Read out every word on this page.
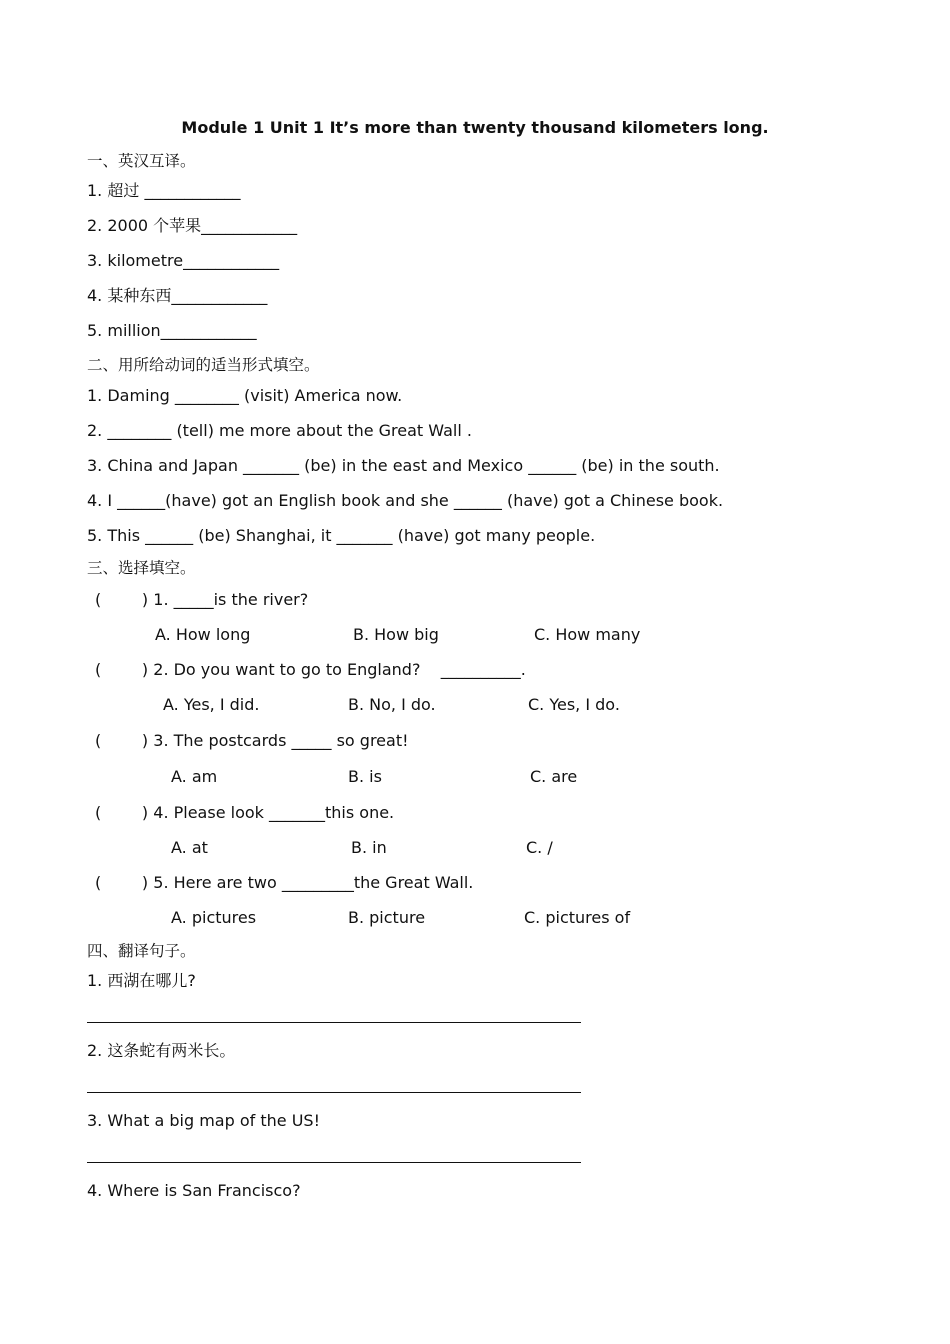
Module 1 Unit 1 It’s more than twenty thousand kilometers long.
一、英汉互译。
1. 超过 ____________
2. 2000 个苹果____________
3. kilometre____________
4. 某种东西____________
5. million____________
二、用所给动词的适当形式填空。
1. Daming ________ (visit) America now.
2. ________ (tell) me more about the Great Wall .
3. China and Japan _______ (be) in the east and Mexico ______ (be) in the south.
4. I ______(have) got an English book and she ______ (have) got a Chinese book.
5. This ______ (be) Shanghai, it _______ (have) got many people.
三、选择填空。
(        ) 1. _____is the river?
A. How long	B. How big	C. How many
(        ) 2. Do you want to go to England?    __________.
A. Yes, I did.	B. No, I do.	C. Yes, I do.
(        ) 3. The postcards _____ so great!
A. am	B. is	C. are
(        ) 4. Please look _______this one.
A. at	B. in	C. /
(        ) 5. Here are two _________the Great Wall.
A. pictures	B. picture	C. pictures of
四、翻译句子。
1. 西湖在哪儿?
2. 这条蛇有两米长。
3. What a big map of the US!
4. Where is San Francisco?
